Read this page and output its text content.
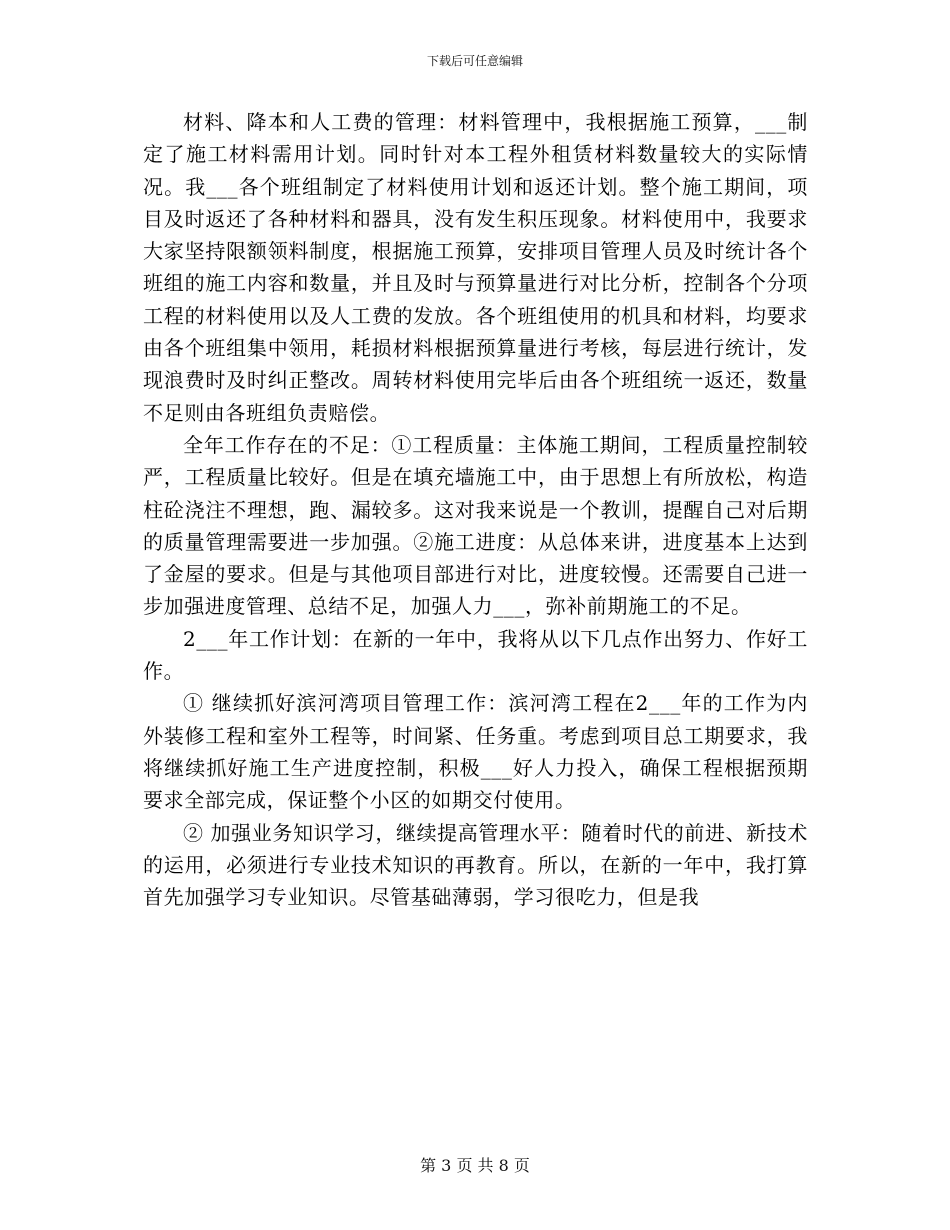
下载后可任意编辑

材料、降本和人工费的管理：材料管理中，我根据施工预算，___制定了施工材料需用计划。同时针对本工程外租赁材料数量较大的实际情况。我___各个班组制定了材料使用计划和返还计划。整个施工期间，项目及时返还了各种材料和器具，没有发生积压现象。材料使用中，我要求大家坚持限额领料制度，根据施工预算，安排项目管理人员及时统计各个班组的施工内容和数量，并且及时与预算量进行对比分析，控制各个分项工程的材料使用以及人工费的发放。各个班组使用的机具和材料，均要求由各个班组集中领用，耗损材料根据预算量进行考核，每层进行统计，发现浪费时及时纠正整改。周转材料使用完毕后由各个班组统一返还，数量不足则由各班组负责赔偿。

全年工作存在的不足：①工程质量：主体施工期间，工程质量控制较严，工程质量比较好。但是在填充墙施工中，由于思想上有所放松，构造柱砼浇注不理想，跑、漏较多。这对我来说是一个教训，提醒自己对后期的质量管理需要进一步加强。②施工进度：从总体来讲，进度基本上达到了金屋的要求。但是与其他项目部进行对比，进度较慢。还需要自己进一步加强进度管理、总结不足，加强人力___，弥补前期施工的不足。

2___年工作计划：在新的一年中，我将从以下几点作出努力、作好工作。

① 继续抓好滨河湾项目管理工作：滨河湾工程在2___年的工作为内外装修工程和室外工程等，时间紧、任务重。考虑到项目总工期要求，我将继续抓好施工生产进度控制，积极___好人力投入，确保工程根据预期要求全部完成，保证整个小区的如期交付使用。

② 加强业务知识学习，继续提高管理水平：随着时代的前进、新技术的运用，必须进行专业技术知识的再教育。所以，在新的一年中，我打算首先加强学习专业知识。尽管基础薄弱，学习很吃力，但是我

第 3 页 共 8 页
